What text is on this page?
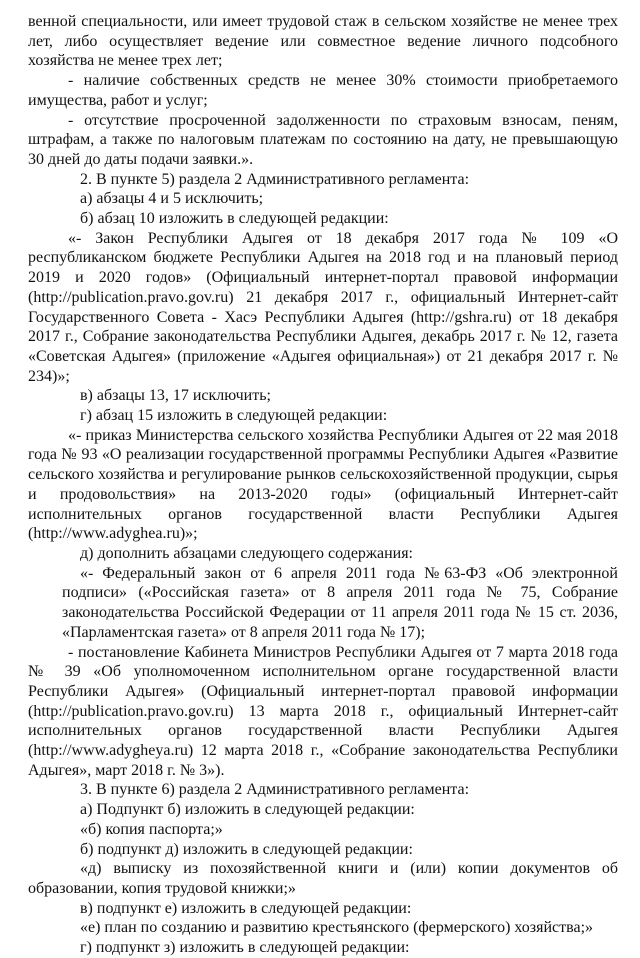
венной специальности, или имеет трудовой стаж в сельском хозяйстве не менее трех лет, либо осуществляет ведение или совместное ведение личного подсобного хозяйства не менее трех лет;

- наличие собственных средств не менее 30% стоимости приобретаемого имущества, работ и услуг;

- отсутствие просроченной задолженности по страховым взносам, пеням, штрафам, а также по налоговым платежам по состоянию на дату, не превышающую 30 дней до даты подачи заявки.».

2. В пункте 5) раздела 2 Административного регламента:

а) абзацы 4 и 5 исключить;

б) абзац 10 изложить в следующей редакции:

«- Закон Республики Адыгея от 18 декабря 2017 года № 109 «О республиканском бюджете Республики Адыгея на 2018 год и на плановый период 2019 и 2020 годов» (Официальный интернет-портал правовой информации (http://publication.pravo.gov.ru) 21 декабря 2017 г., официальный Интернет-сайт Государственного Совета - Хасэ Республики Адыгея (http://gshra.ru) от 18 декабря 2017 г., Собрание законодательства Республики Адыгея, декабрь 2017 г. № 12, газета «Советская Адыгея» (приложение «Адыгея официальная») от 21 декабря 2017 г. № 234)»;

в) абзацы 13, 17 исключить;

г) абзац 15 изложить в следующей редакции:

«- приказ Министерства сельского хозяйства Республики Адыгея от 22 мая 2018 года № 93 «О реализации государственной программы Республики Адыгея «Развитие сельского хозяйства и регулирование рынков сельскохозяйственной продукции, сырья и продовольствия» на 2013-2020 годы» (официальный Интернет-сайт исполнительных органов государственной власти Республики Адыгея (http://www.adyghea.ru)»;

д) дополнить абзацами следующего содержания:

«- Федеральный закон от 6 апреля 2011 года №63-ФЗ «Об электронной подписи» («Российская газета» от 8 апреля 2011 года № 75, Собрание законодательства Российской Федерации от 11 апреля 2011 года № 15 ст. 2036, «Парламентская газета» от 8 апреля 2011 года № 17);

- постановление Кабинета Министров Республики Адыгея от 7 марта 2018 года № 39 «Об уполномоченном исполнительном органе государственной власти Республики Адыгея» (Официальный интернет-портал правовой информации (http://publication.pravo.gov.ru) 13 марта 2018 г., официальный Интернет-сайт исполнительных органов государственной власти Республики Адыгея (http://www.adygheya.ru) 12 марта 2018 г., «Собрание законодательства Республики Адыгея», март 2018 г. № 3»).

3. В пункте 6) раздела 2 Административного регламента:

а) Подпункт б) изложить в следующей редакции:

«б) копия паспорта;»

б) подпункт д) изложить в следующей редакции:

«д) выписку из похозяйственной книги и (или) копии документов об образовании, копия трудовой книжки;»

в) подпункт е) изложить в следующей редакции:

«е) план по созданию и развитию крестьянского (фермерского) хозяйства;»

г) подпункт з) изложить в следующей редакции:
